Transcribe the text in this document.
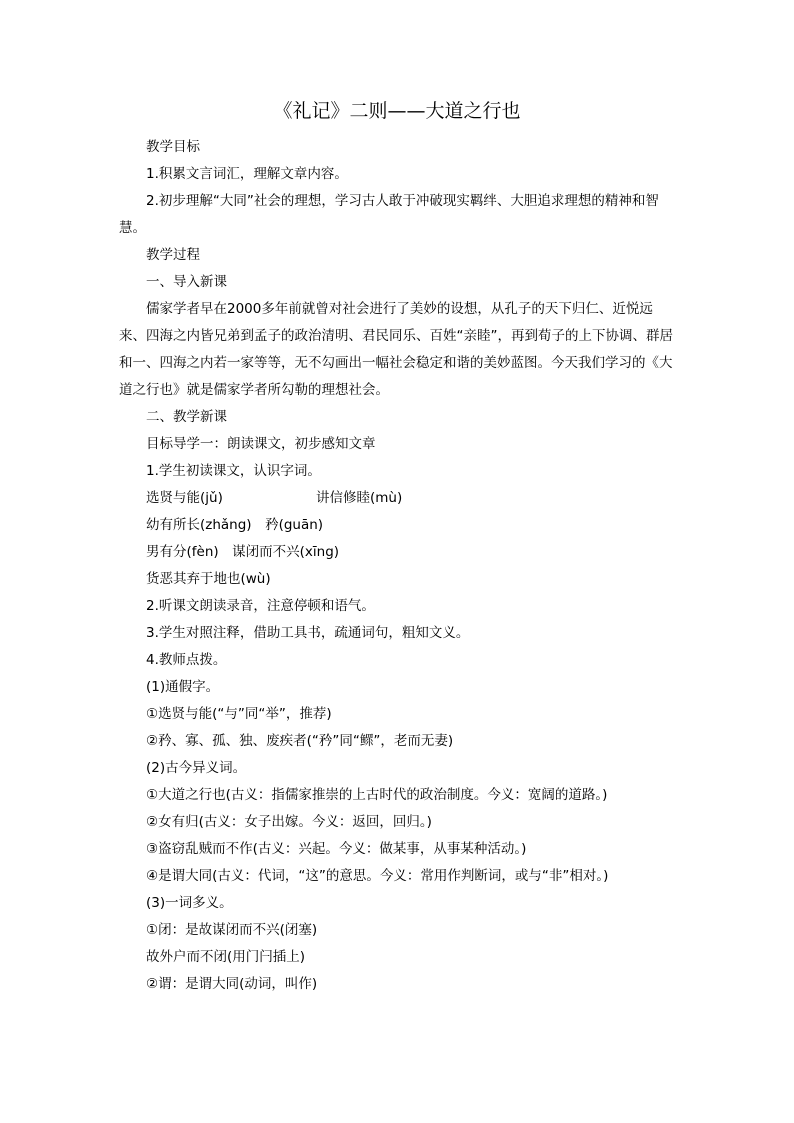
《礼记》二则——大道之行也
教学目标
1.积累文言词汇，理解文章内容。
2.初步理解“大同”社会的理想，学习古人敢于冲破现实羁绊、大胆追求理想的精神和智慧。
教学过程
一、导入新课
儒家学者早在2000多年前就曾对社会进行了美妙的设想，从孔子的天下归仁、近悦远来、四海之内皆兄弟到孟子的政治清明、君民同乐、百姓“亲睦”，再到荀子的上下协调、群居和一、四海之内若一家等等，无不勾画出一幅社会稳定和谐的美妙蓝图。今天我们学习的《大道之行也》就是儒家学者所勾勒的理想社会。
二、教学新课
目标导学一：朗读课文，初步感知文章
1.学生初读课文，认识字词。
选贤与能(jǔ)	讲信修睦(mù)
幼有所长(zhǎng)　矜(guān)
男有分(fèn)　谋闭而不兴(xīng)
货恶其弃于地也(wù)
2.听课文朗读录音，注意停顿和语气。
3.学生对照注释，借助工具书，疏通词句，粗知文义。
4.教师点拨。
(1)通假字。
①选贤与能(“与”同“举”，推荐)
②矜、寡、孤、独、废疾者(“矜”同“鳏”，老而无妻)
(2)古今异义词。
①大道之行也(古义：指儒家推崇的上古时代的政治制度。今义：宽阔的道路。)
②女有归(古义：女子出嫁。今义：返回，回归。)
③盗窃乱贼而不作(古义：兴起。今义：做某事，从事某种活动。)
④是谓大同(古义：代词，“这”的意思。今义：常用作判断词，或与“非”相对。)
(3)一词多义。
①闭：是故谋闭而不兴(闭塞)
故外户而不闭(用门闩插上)
②谓：是谓大同(动词，叫作)
